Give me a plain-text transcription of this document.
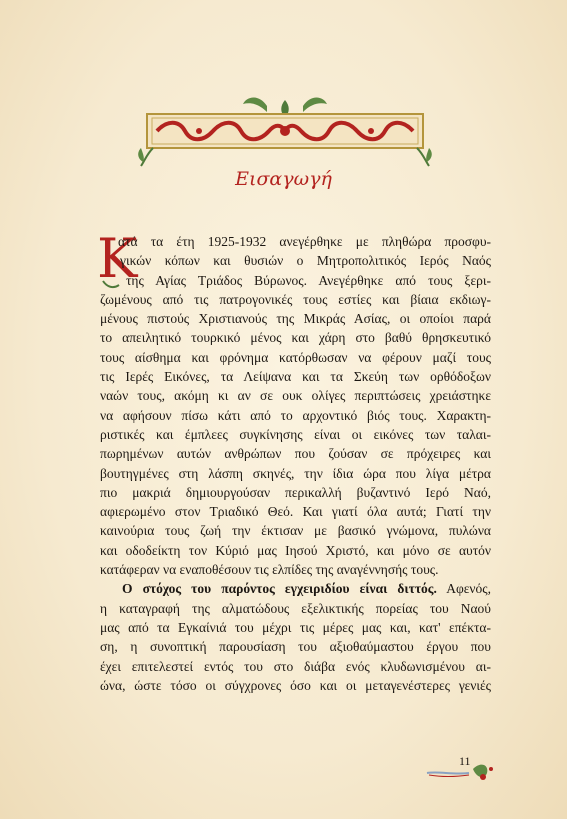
Εισαγωγή
Κ
ατά τα έτη 1925-1932 ανεγέρθηκε με πληθώρα προσφυ-
γικών κόπων και θυσιών ο Μητροπολιτικός Ιερός Ναός
της Αγίας Τριάδος Βύρωνος. Ανεγέρθηκε από τους ξερι-
ζωμένους από τις πατρογονικές τους εστίες και βίαια εκδιωγ-
μένους πιστούς Χριστιανούς της Μικράς Ασίας, οι οποίοι παρά
το απειλητικό τουρκικό μένος και χάρη στο βαθύ θρησκευτικό
τους αίσθημα και φρόνημα κατόρθωσαν να φέρουν μαζί τους
τις Ιερές Εικόνες, τα Λείψανα και τα Σκεύη των ορθόδοξων
ναών τους, ακόμη κι αν σε ουκ ολίγες περιπτώσεις χρειάστηκε
να αφήσουν πίσω κάτι από το αρχοντικό βιός τους. Χαρακτη-
ριστικές και έμπλεες συγκίνησης είναι οι εικόνες των ταλαι-
πωρημένων αυτών ανθρώπων που ζούσαν σε πρόχειρες και
βουτηγμένες στη λάσπη σκηνές, την ίδια ώρα που λίγα μέτρα
πιο μακριά δημιουργούσαν περικαλλή βυζαντινό Ιερό Ναό,
αφιερωμένο στον Τριαδικό Θεό. Και γιατί όλα αυτά; Γιατί την
καινούρια τους ζωή την έκτισαν με βασικό γνώμονα, πυλώνα
και οδοδείκτη τον Κύριό μας Ιησού Χριστό, και μόνο σε αυτόν
κατάφεραν να εναποθέσουν τις ελπίδες της αναγέννησής τους.
Ο στόχος του παρόντος εγχειριδίου είναι διττός. Αφενός,
η καταγραφή της αλματώδους εξελικτικής πορείας του Ναού
μας από τα Εγκαίνιά του μέχρι τις μέρες μας και, κατ' επέκτα-
ση, η συνοπτική παρουσίαση του αξιοθαύμαστου έργου που
έχει επιτελεστεί εντός του στο διάβα ενός κλυδωνισμένου αι-
ώνα, ώστε τόσο οι σύγχρονες όσο και οι μεταγενέστερες γενιές
11
